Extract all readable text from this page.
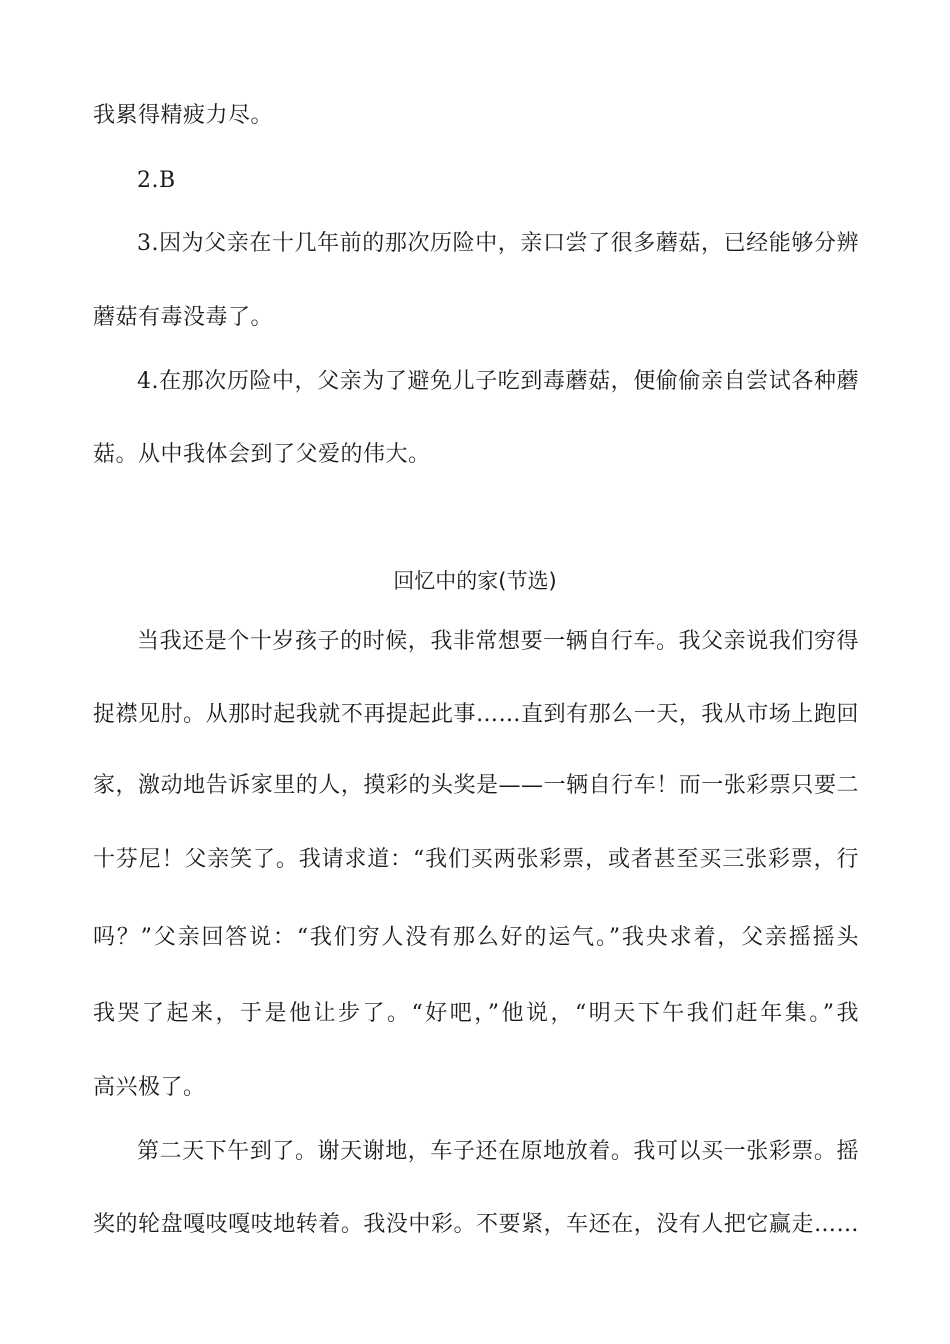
我累得精疲力尽。
2.B
3.因为父亲在十几年前的那次历险中，亲口尝了很多蘑菇，已经能够分辨
蘑菇有毒没毒了。
4.在那次历险中，父亲为了避免儿子吃到毒蘑菇，便偷偷亲自尝试各种蘑
菇。从中我体会到了父爱的伟大。
回忆中的家(节选)
当我还是个十岁孩子的时候，我非常想要一辆自行车。我父亲说我们穷得
捉襟见肘。从那时起我就不再提起此事……直到有那么一天，我从市场上跑回
家，激动地告诉家里的人，摸彩的头奖是——一辆自行车！而一张彩票只要二
十芬尼！父亲笑了。我请求道：“我们买两张彩票，或者甚至买三张彩票，行
吗？”父亲回答说：“我们穷人没有那么好的运气。”我央求着，父亲摇摇头
我哭了起来，于是他让步了。“好吧，”他说，“明天下午我们赶年集。”我
高兴极了。
第二天下午到了。谢天谢地，车子还在原地放着。我可以买一张彩票。摇
奖的轮盘嘎吱嘎吱地转着。我没中彩。不要紧，车还在，没有人把它赢走……
